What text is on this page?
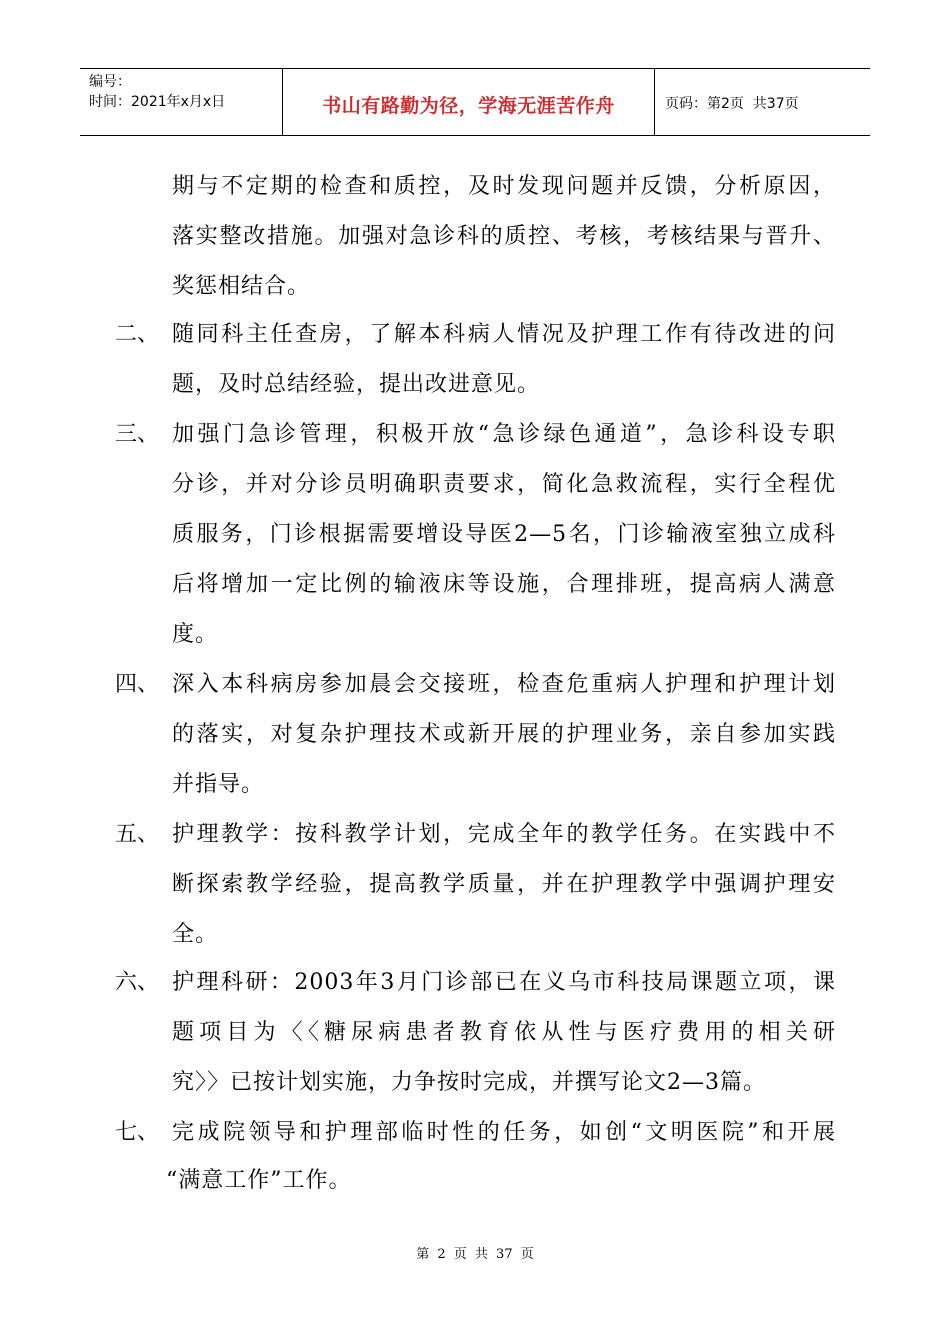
编号：
时间：2021年x月x日	书山有路勤为径，学海无涯苦作舟	页码：第2页  共37页
期与不定期的检查和质控，及时发现问题并反馈，分析原因，
落实整改措施。加强对急诊科的质控、考核，考核结果与晋升、
奖惩相结合。
二、 随同科主任查房，了解本科病人情况及护理工作有待改进的问
题，及时总结经验，提出改进意见。
三、 加强门急诊管理，积极开放“急诊绿色通道”，急诊科设专职
分诊，并对分诊员明确职责要求，简化急救流程，实行全程优
质服务，门诊根据需要增设导医2—5名，门诊输液室独立成科
后将增加一定比例的输液床等设施，合理排班，提高病人满意
度。
四、 深入本科病房参加晨会交接班，检查危重病人护理和护理计划
的落实，对复杂护理技术或新开展的护理业务，亲自参加实践
并指导。
五、 护理教学：按科教学计划，完成全年的教学任务。在实践中不
断探索教学经验，提高教学质量，并在护理教学中强调护理安
全。
六、 护理科研：2003年3月门诊部已在义乌市科技局课题立项，课
题项目为〈〈糖尿病患者教育依从性与医疗费用的相关研
究〉〉已按计划实施，力争按时完成，并撰写论文2—3篇。
七、 完成院领导和护理部临时性的任务，如创“文明医院”和开展
“满意工作”工作。
第 2 页 共 37 页
